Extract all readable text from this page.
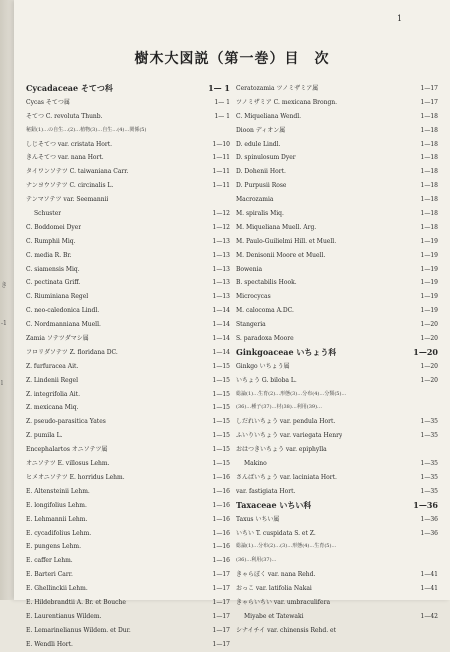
き
-1
l
1
樹木大図説（第一巻）目　次
Cycadaceae そてつ科	1— 1
Cycas そてつ属	1— 1
そてつ C. revoluta Thunb.	1— 1
秘鈕(1)…の自生…(2)…植物(3)…自生…(4)…関係(5)
しじそてつ var. cristata Hort.	1—10
きんそてつ var. nana Hort.	1—11
タイワンソテツ C. taiwaniana Carr.	1—11
ナンヨウソテツ C. circinalis L.	1—11
テンマソテツ var. Seemannii
Schuster	1—12
C. Boddomei Dyer	1—12
C. Rumphii Miq.	1—13
C. media R. Br.	1—13
C. siamensis Miq.	1—13
C. pectinata Griff.	1—13
C. Riuminiana Regel	1—13
C. neo-caledonica Lindl.	1—14
C. Nordmanniana Muell.	1—14
Zamia ソテツダマシ属	1—14
フロリダソテツ Z. floridana DC.	1—14
Z. furfuracea Ait.	1—15
Z. Lindenii Regel	1—15
Z. integrifolia Ait.	1—15
Z. mexicana Miq.	1—15
Z. pseudo-parasitica Yates	1—15
Z. pumila L.	1—15
Encephalartos オニソテツ属	1—15
オニソテツ E. villosus Lehm.	1—15
ヒメオニソテツ E. horridus Lehm.	1—16
E. Altensteinii Lehm.	1—16
E. longifolius Lehm.	1—16
E. Lehmannii Lehm.	1—16
E. cycadifolius Lehm.	1—16
E. pungens Lehm.	1—16
E. caffer Lehm.	1—16
E. Barteri Carr.	1—17
E. Ghellinckii Lehm.	1—17
E. Hildebrandtii A. Br. et Bouche	1—17
E. Laurentianus Wildem.	1—17
E. Lemarinelianus Wildem. et Dur.	1—17
E. Wendli Hort.	1—17
Ceratozamia ツノミザミア属	1—17
ツノミザミア C. mexicana Brongn.	1—17
C. Miqueliana Wendl.	1—18
Dioon ディオン属	1—18
D. edule Lindl.	1—18
D. spinulosum Dyer	1—18
D. Dohenii Hort.	1—18
D. Purpusii Rose	1—18
Macrozamia	1—18
M. spiralis Miq.	1—18
M. Miqueliana Muell. Arg.	1—18
M. Paulo-Guilielmi Hill. et Muell.	1—19
M. Denisonii Moore et Muell.	1—19
Bowenia	1—19
B. spectabilis Hook.	1—19
Microcycas	1—19
M. calocoma A.DC.	1—19
Stangeria	1—20
S. paradoxa Moore	1—20
Ginkgoaceae いちょう科	1—20
Ginkgo いちょう属	1—20
いちょう G. biloba L.	1—20
総論(1)…生育(2)…形態(3)…分布(4)…分類(5)…
(36)…種子(37)…材(38)…利用(39)…
しだれいちょう var. pendula Hort.	1—35
ふいりいちょう var. variegata Henry	1—35
おはつきいちょう var. epiphylla
Makino	1—35
さんばいちょう var. laciniata Hort.	1—35
var. fastigiata Hort.	1—35
Taxaceae いちい科	1—36
Taxus いちい属	1—36
いちい T. cuspidata S. et Z.	1—36
総論(1)…分布(2)…(3)…形態(4)…生育(5)…
(36)…利用(37)…
きゃらぼく var. nana Rehd.	1—41
おっこ var. latifolia Nakai	1—41
きゃらいちい var. umbraculifera
Miyabe et Tatewaki	1—42
シナイチイ var. chinensis Rehd. et
